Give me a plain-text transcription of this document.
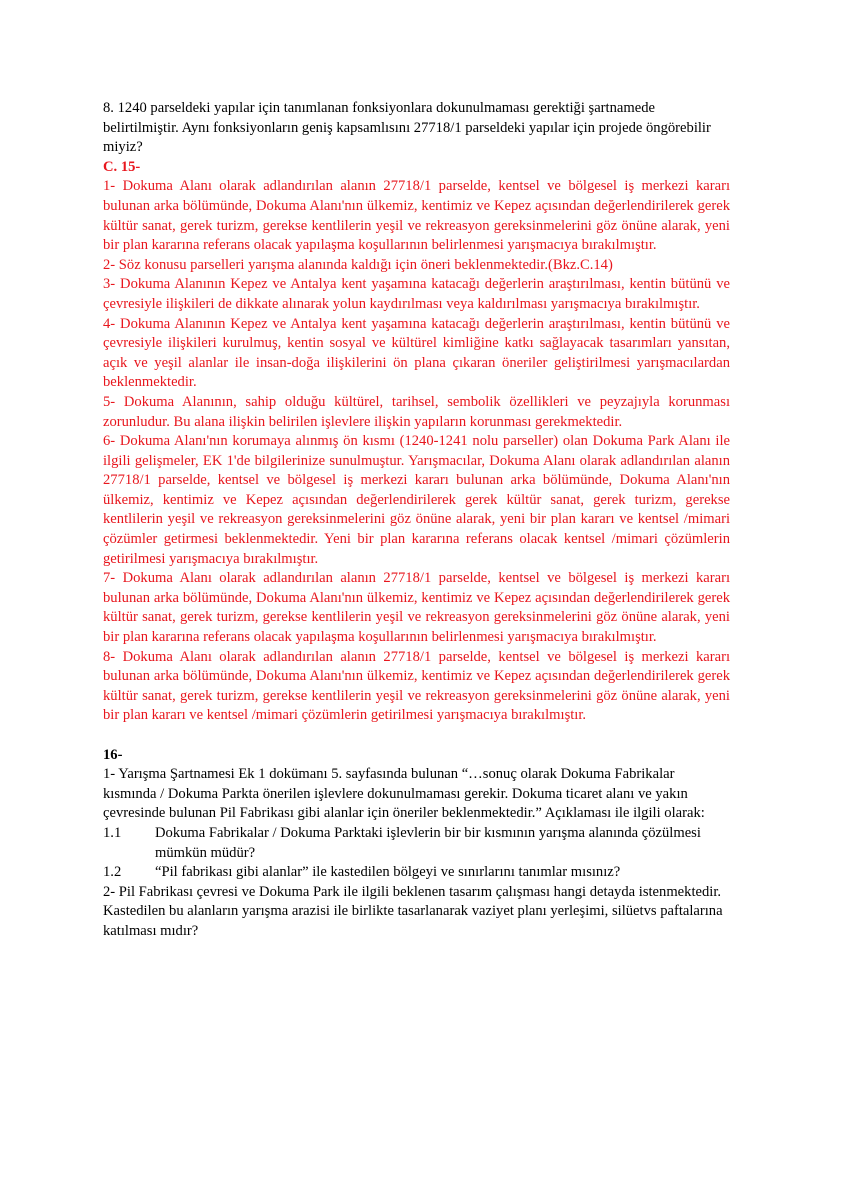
8. 1240 parseldeki yapılar için tanımlanan fonksiyonlara dokunulmaması gerektiği şartnamede belirtilmiştir. Aynı fonksiyonların geniş kapsamlısını 27718/1 parseldeki yapılar için projede öngörebilir miyiz?

C. 15-

1- Dokuma Alanı olarak adlandırılan alanın 27718/1 parselde, kentsel ve bölgesel iş merkezi kararı bulunan arka bölümünde, Dokuma Alanı'nın ülkemiz, kentimiz ve Kepez açısından değerlendirilerek gerek kültür sanat, gerek turizm, gerekse kentlilerin yeşil ve rekreasyon gereksinmelerini göz önüne alarak, yeni bir plan kararına referans olacak yapılaşma koşullarının belirlenmesi yarışmacıya bırakılmıştır.

2- Söz konusu parselleri yarışma alanında kaldığı için öneri beklenmektedir.(Bkz.C.14)

3- Dokuma Alanının Kepez ve Antalya kent yaşamına katacağı değerlerin araştırılması, kentin bütünü ve çevresiyle ilişkileri de dikkate alınarak yolun kaydırılması veya kaldırılması yarışmacıya bırakılmıştır.

4- Dokuma Alanının Kepez ve Antalya kent yaşamına katacağı değerlerin araştırılması, kentin bütünü ve çevresiyle ilişkileri kurulmuş, kentin sosyal ve kültürel kimliğine katkı sağlayacak tasarımları yansıtan, açık ve yeşil alanlar ile insan-doğa ilişkilerini ön plana çıkaran öneriler geliştirilmesi yarışmacılardan beklenmektedir.

5- Dokuma Alanının, sahip olduğu kültürel, tarihsel, sembolik özellikleri ve peyzajıyla korunması zorunludur. Bu alana ilişkin belirilen işlevlere ilişkin yapıların korunması gerekmektedir.

6- Dokuma Alanı'nın korumaya alınmış ön kısmı (1240-1241 nolu parseller) olan Dokuma Park Alanı ile ilgili gelişmeler, EK 1'de bilgilerinize sunulmuştur. Yarışmacılar, Dokuma Alanı olarak adlandırılan alanın 27718/1 parselde, kentsel ve bölgesel iş merkezi kararı bulunan arka bölümünde, Dokuma Alanı'nın ülkemiz, kentimiz ve Kepez açısından değerlendirilerek gerek kültür sanat, gerek turizm, gerekse kentlilerin yeşil ve rekreasyon gereksinmelerini göz önüne alarak, yeni bir plan kararı ve kentsel /mimari çözümler getirmesi beklenmektedir. Yeni bir plan kararına referans olacak kentsel /mimari çözümlerin getirilmesi yarışmacıya bırakılmıştır.

7- Dokuma Alanı olarak adlandırılan alanın 27718/1 parselde, kentsel ve bölgesel iş merkezi kararı bulunan arka bölümünde, Dokuma Alanı'nın ülkemiz, kentimiz ve Kepez açısından değerlendirilerek gerek kültür sanat, gerek turizm, gerekse kentlilerin yeşil ve rekreasyon gereksinmelerini göz önüne alarak, yeni bir plan kararına referans olacak yapılaşma koşullarının belirlenmesi yarışmacıya bırakılmıştır.

8- Dokuma Alanı olarak adlandırılan alanın 27718/1 parselde, kentsel ve bölgesel iş merkezi kararı bulunan arka bölümünde, Dokuma Alanı'nın ülkemiz, kentimiz ve Kepez açısından değerlendirilerek gerek kültür sanat, gerek turizm, gerekse kentlilerin yeşil ve rekreasyon gereksinmelerini göz önüne alarak, yeni bir plan kararı ve kentsel /mimari çözümlerin getirilmesi yarışmacıya bırakılmıştır.

16-

1- Yarışma Şartnamesi Ek 1 dokümanı 5. sayfasında bulunan “…sonuç olarak Dokuma Fabrikalar kısmında / Dokuma Parkta önerilen işlevlere dokunulmaması gerekir. Dokuma ticaret alanı ve yakın çevresinde bulunan Pil Fabrikası gibi alanlar için öneriler beklenmektedir.” Açıklaması ile ilgili olarak:

1.1	Dokuma Fabrikalar / Dokuma Parktaki işlevlerin bir bir kısmının yarışma alanında çözülmesi mümkün müdür?
1.2	“Pil fabrikası gibi alanlar” ile kastedilen bölgeyi ve sınırlarını tanımlar mısınız?

2- Pil Fabrikası çevresi ve Dokuma Park ile ilgili beklenen tasarım çalışması hangi detayda istenmektedir. Kastedilen bu alanların yarışma arazisi ile birlikte tasarlanarak vaziyet planı yerleşimi, silüetvs paftalarına katılması mıdır?
